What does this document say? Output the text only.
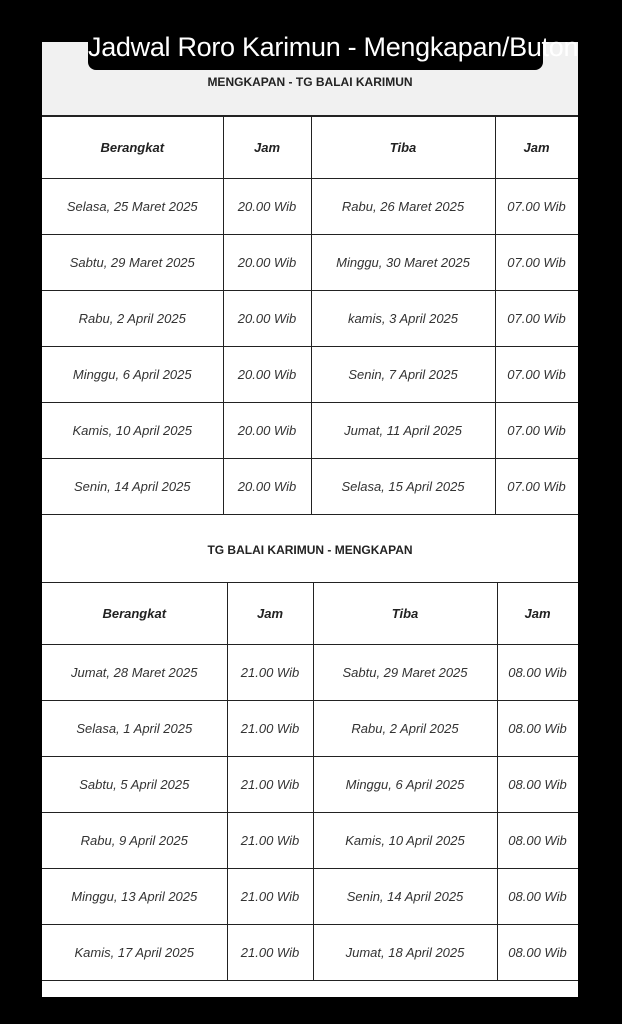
Jadwal Roro Karimun - Mengkapan/Buton
MENGKAPAN - TG BALAI KARIMUN
Berangkat	Jam	Tiba	Jam
Selasa, 25 Maret 2025	20.00 Wib	Rabu, 26 Maret 2025	07.00 Wib
Sabtu, 29 Maret 2025	20.00 Wib	Minggu, 30 Maret 2025	07.00 Wib
Rabu, 2 April 2025	20.00 Wib	kamis, 3 April 2025	07.00 Wib
Minggu, 6 April 2025	20.00 Wib	Senin, 7 April 2025	07.00 Wib
Kamis, 10 April 2025	20.00 Wib	Jumat, 11 April 2025	07.00 Wib
Senin, 14 April 2025	20.00 Wib	Selasa, 15 April 2025	07.00 Wib
TG BALAI KARIMUN - MENGKAPAN
Berangkat	Jam	Tiba	Jam
Jumat, 28 Maret 2025	21.00 Wib	Sabtu, 29 Maret 2025	08.00 Wib
Selasa, 1 April 2025	21.00 Wib	Rabu, 2 April 2025	08.00 Wib
Sabtu, 5 April 2025	21.00 Wib	Minggu, 6 April 2025	08.00 Wib
Rabu, 9 April 2025	21.00 Wib	Kamis, 10 April 2025	08.00 Wib
Minggu, 13 April 2025	21.00 Wib	Senin, 14 April 2025	08.00 Wib
Kamis, 17 April 2025	21.00 Wib	Jumat, 18 April 2025	08.00 Wib
